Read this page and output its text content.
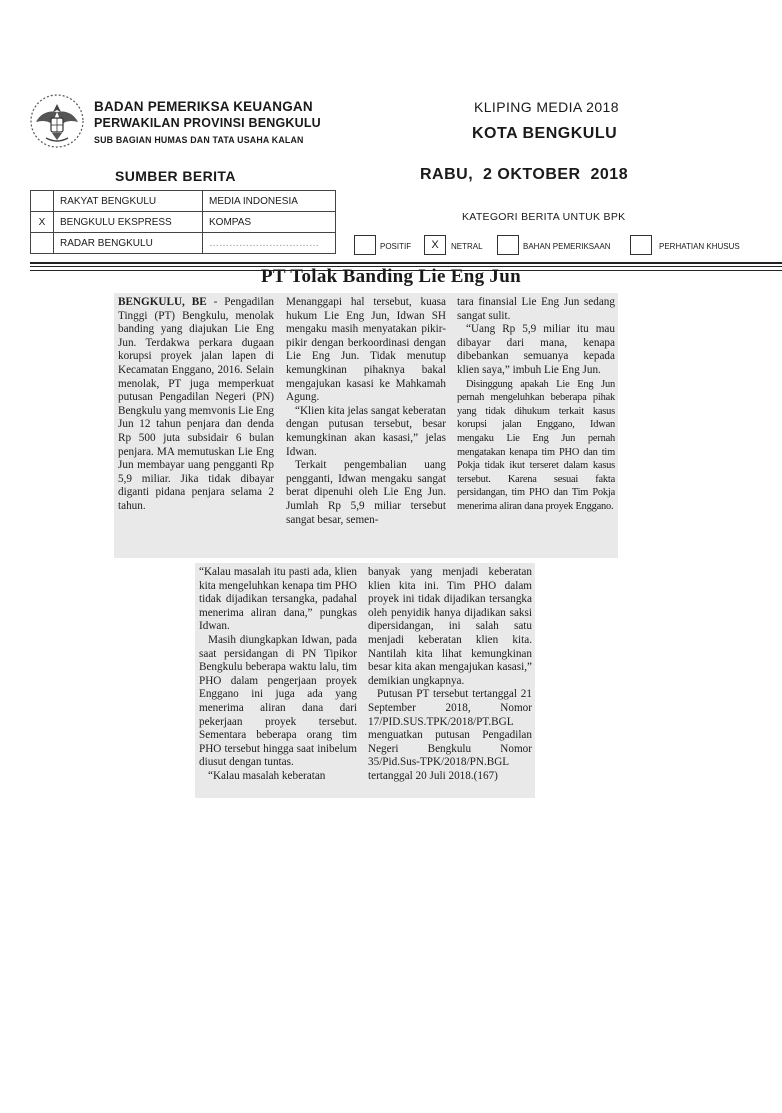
BADAN PEMERIKSA KEUANGAN
PERWAKILAN PROVINSI BENGKULU
SUB BAGIAN HUMAS DAN TATA USAHA KALAN
KLIPING MEDIA 2018
KOTA BENGKULU
RABU,  2 OKTOBER  2018
SUMBER BERITA
	RAKYAT BENGKULU	MEDIA INDONESIA
X	BENGKULU EKSPRESS	KOMPAS
	RADAR BENGKULU	……………………………
KATEGORI BERITA UNTUK BPK
POSITIF	X	NETRAL	BAHAN PEMERIKSAAN	PERHATIAN KHUSUS
PT Tolak Banding Lie Eng Jun

BENGKULU, BE - Pengadilan Tinggi (PT) Bengkulu, menolak banding yang diajukan Lie Eng Jun. Terdakwa perkara dugaan korupsi proyek jalan lapen di Kecamatan Enggano, 2016. Selain menolak, PT juga memperkuat putusan Pengadilan Negeri (PN) Bengkulu yang memvonis Lie Eng Jun 12 tahun penjara dan denda Rp 500 juta subsidair 6 bulan penjara. MA memutuskan Lie Eng Jun membayar uang pengganti Rp 5,9 miliar. Jika tidak dibayar diganti pidana penjara selama 2 tahun.

Menanggapi hal tersebut, kuasa hukum Lie Eng Jun, Idwan SH mengaku masih menyatakan pikir-pikir dengan berkoordinasi dengan Lie Eng Jun. Tidak menutup kemungkinan pihaknya bakal mengajukan kasasi ke Mahkamah Agung.

“Klien kita jelas sangat keberatan dengan putusan tersebut, besar kemungkinan akan kasasi,” jelas Idwan.

Terkait pengembalian uang pengganti, Idwan mengaku sangat berat dipenuhi oleh Lie Eng Jun. Jumlah Rp 5,9 miliar tersebut sangat besar, semen-

tara finansial Lie Eng Jun sedang sangat sulit.

“Uang Rp 5,9 miliar itu mau dibayar dari mana, kenapa dibebankan semuanya kepada klien saya,” imbuh Lie Eng Jun.

Disinggung apakah Lie Eng Jun pernah mengeluhkan beberapa pihak yang tidak dihukum terkait kasus korupsi jalan Enggano, Idwan mengaku Lie Eng Jun pernah mengatakan kenapa tim PHO dan tim Pokja tidak ikut terseret dalam kasus tersebut. Karena sesuai fakta persidangan, tim PHO dan Tim Pokja menerima aliran dana proyek Enggano.

“Kalau masalah itu pasti ada, klien kita mengeluhkan kenapa tim PHO tidak dijadikan tersangka, padahal menerima aliran dana,” pungkas Idwan.

Masih diungkapkan Idwan, pada saat persidangan di PN Tipikor Bengkulu beberapa waktu lalu, tim PHO dalam pengerjaan proyek Enggano ini juga ada yang menerima aliran dana dari pekerjaan proyek tersebut. Sementara beberapa orang tim PHO tersebut hingga saat inibelum diusut dengan tuntas.

“Kalau masalah keberatan

banyak yang menjadi keberatan klien kita ini. Tim PHO dalam proyek ini tidak dijadikan tersangka oleh penyidik hanya dijadikan saksi dipersidangan, ini salah satu menjadi keberatan klien kita. Nantilah kita lihat kemungkinan besar kita akan mengajukan kasasi,” demikian ungkapnya.

Putusan PT tersebut tertanggal 21 September 2018, Nomor 17/PID.SUS.TPK/2018/PT.BGL menguatkan putusan Pengadilan Negeri Bengkulu Nomor 35/Pid.Sus-TPK/2018/PN.BGL tertanggal 20 Juli 2018.(167)
